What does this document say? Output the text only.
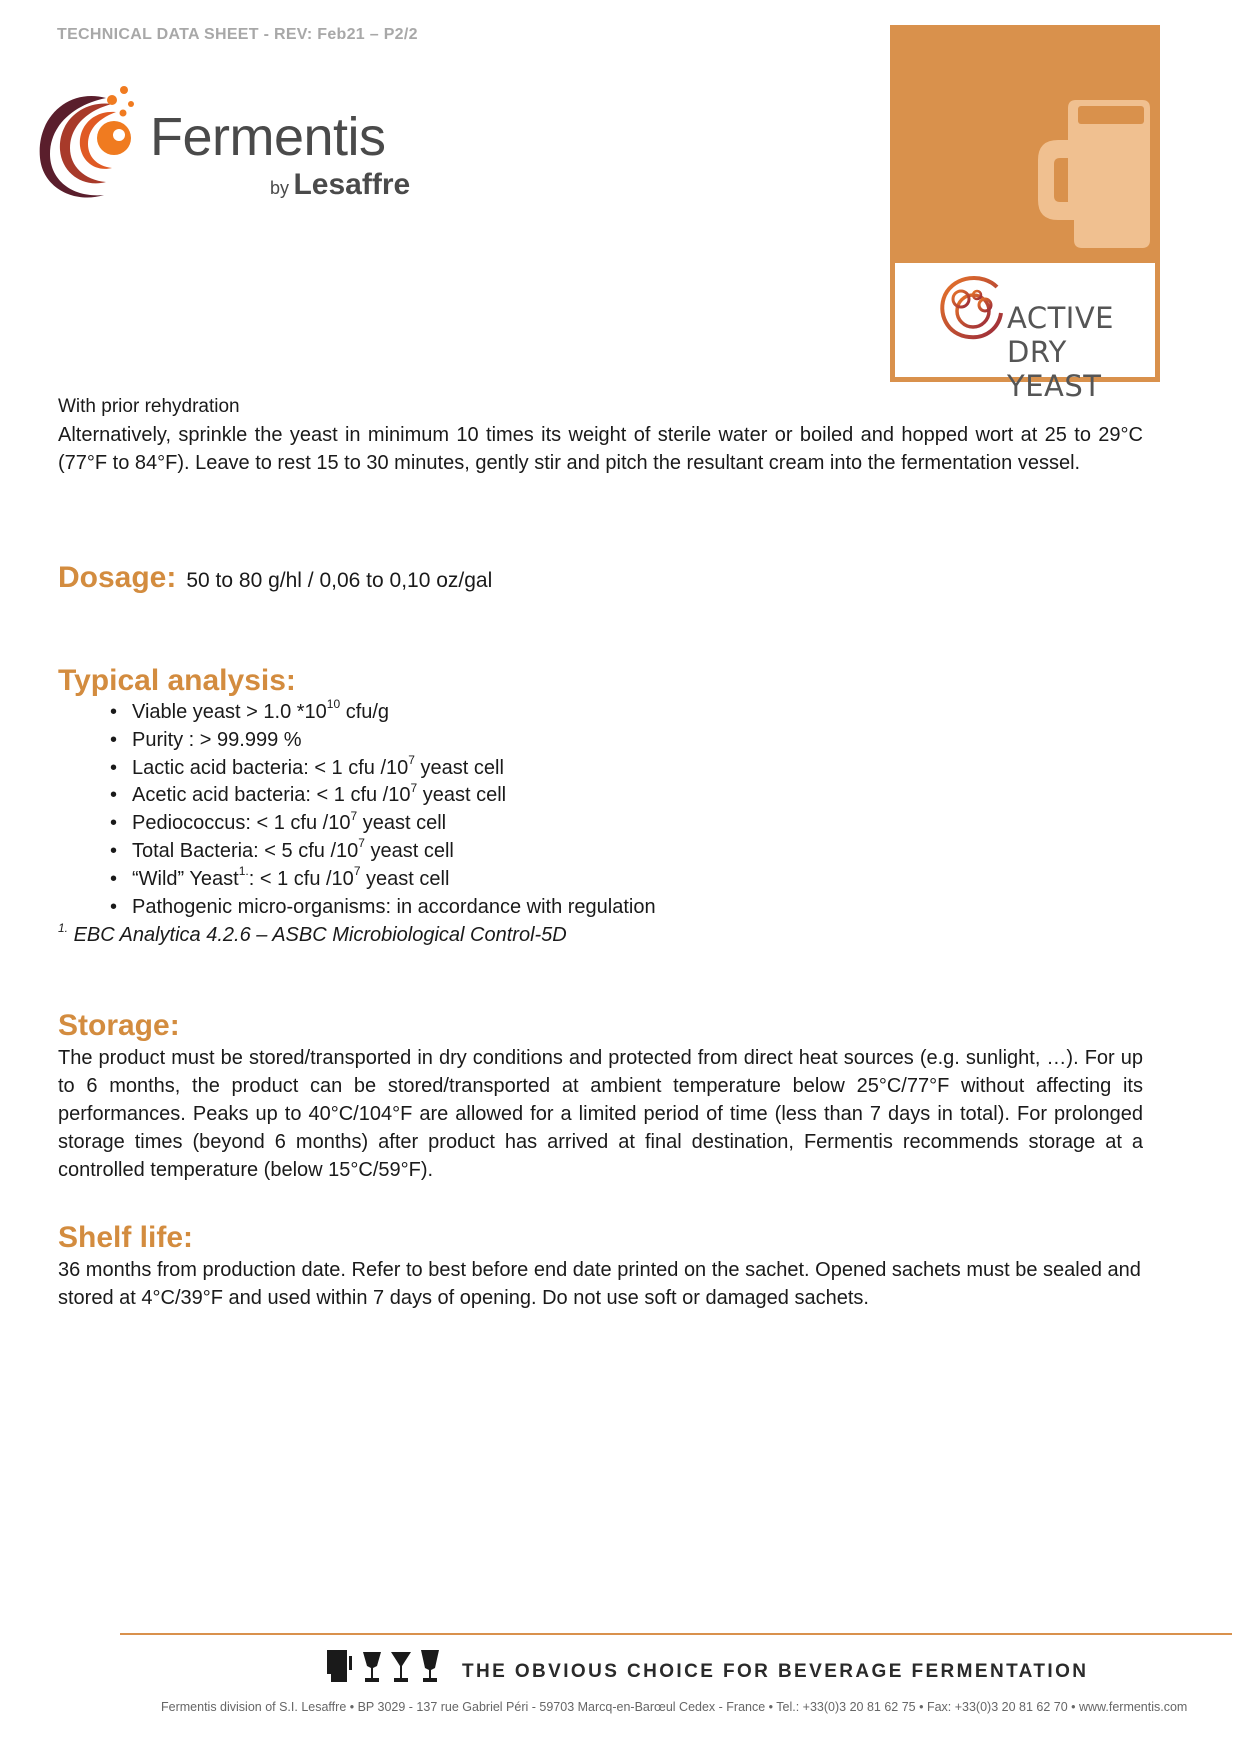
TECHNICAL DATA SHEET - REV: Feb21 – P2/2
Fermentis
by Lesaffre
ACTIVE
DRY YEAST
With prior rehydration

Alternatively, sprinkle the yeast in minimum 10 times its weight of sterile water or boiled and hopped wort at 25 to 29°C (77°F to 84°F). Leave to rest 15 to 30 minutes, gently stir and pitch the resultant cream into the fermentation vessel.

Dosage: 50 to 80 g/hl / 0,06 to 0,10 oz/gal
Typical analysis:
• Viable yeast > 1.0 $*10^{10}$ cfu/g
• Purity : > 99.999 %
• Lactic acid bacteria: < 1 cfu $/10^7$ yeast cell
• Acetic acid bacteria: < 1 cfu $/10^7$ yeast cell
• Pediococcus: < 1 cfu $/10^7$ yeast cell
• Total Bacteria: < 5 cfu $/10^7$ yeast cell
• “Wild” Yeast$^{1.}$: < 1 cfu $/10^7$ yeast cell
• Pathogenic micro-organisms: in accordance with regulation
$^{1.}$ EBC Analytica 4.2.6 – ASBC Microbiological Control-5D
Storage:

The product must be stored/transported in dry conditions and protected from direct heat sources (e.g. sunlight, …). For up to 6 months, the product can be stored/transported at ambient temperature below 25°C/77°F without affecting its performances. Peaks up to 40°C/104°F are allowed for a limited period of time (less than 7 days in total). For prolonged storage times (beyond 6 months) after product has arrived at final destination, Fermentis recommends storage at a controlled temperature (below 15°C/59°F).

Shelf life:

36 months from production date. Refer to best before end date printed on the sachet. Opened sachets must be sealed and stored at 4°C/39°F and used within 7 days of opening. Do not use soft or damaged sachets.

THE OBVIOUS CHOICE FOR BEVERAGE FERMENTATION
Fermentis division of S.I. Lesaffre • BP 3029 - 137 rue Gabriel Péri - 59703 Marcq-en-Barœul Cedex - France • Tel.: +33(0)3 20 81 62 75 • Fax: +33(0)3 20 81 62 70 • www.fermentis.com
